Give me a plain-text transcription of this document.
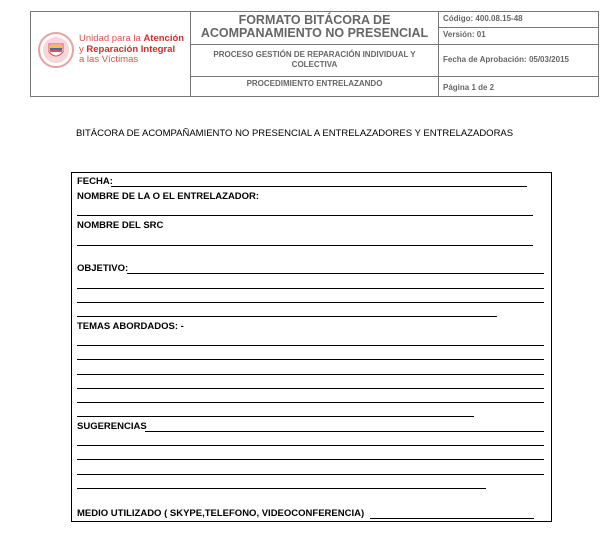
Unidad para la Atención
y Reparación Integral
a las Víctimas
FORMATO BITÁCORA DE
ACOMPANAMIENTO NO PRESENCIAL
PROCESO GESTIÓN DE REPARACIÓN INDIVIDUAL Y
COLECTIVA
PROCEDIMIENTO ENTRELAZANDO
Código: 400.08.15-48
Versión: 01
Fecha de Aprobación: 05/03/2015
Página 1 de 2
BITÁCORA DE ACOMPAÑAMIENTO NO PRESENCIAL A ENTRELAZADORES Y ENTRELAZADORAS
FECHA:
NOMBRE DE LA O EL ENTRELAZADOR:
NOMBRE DEL SRC
OBJETIVO:
TEMAS ABORDADOS: -
SUGERENCIAS
MEDIO UTILIZADO ( SKYPE,TELEFONO, VIDEOCONFERENCIA)
